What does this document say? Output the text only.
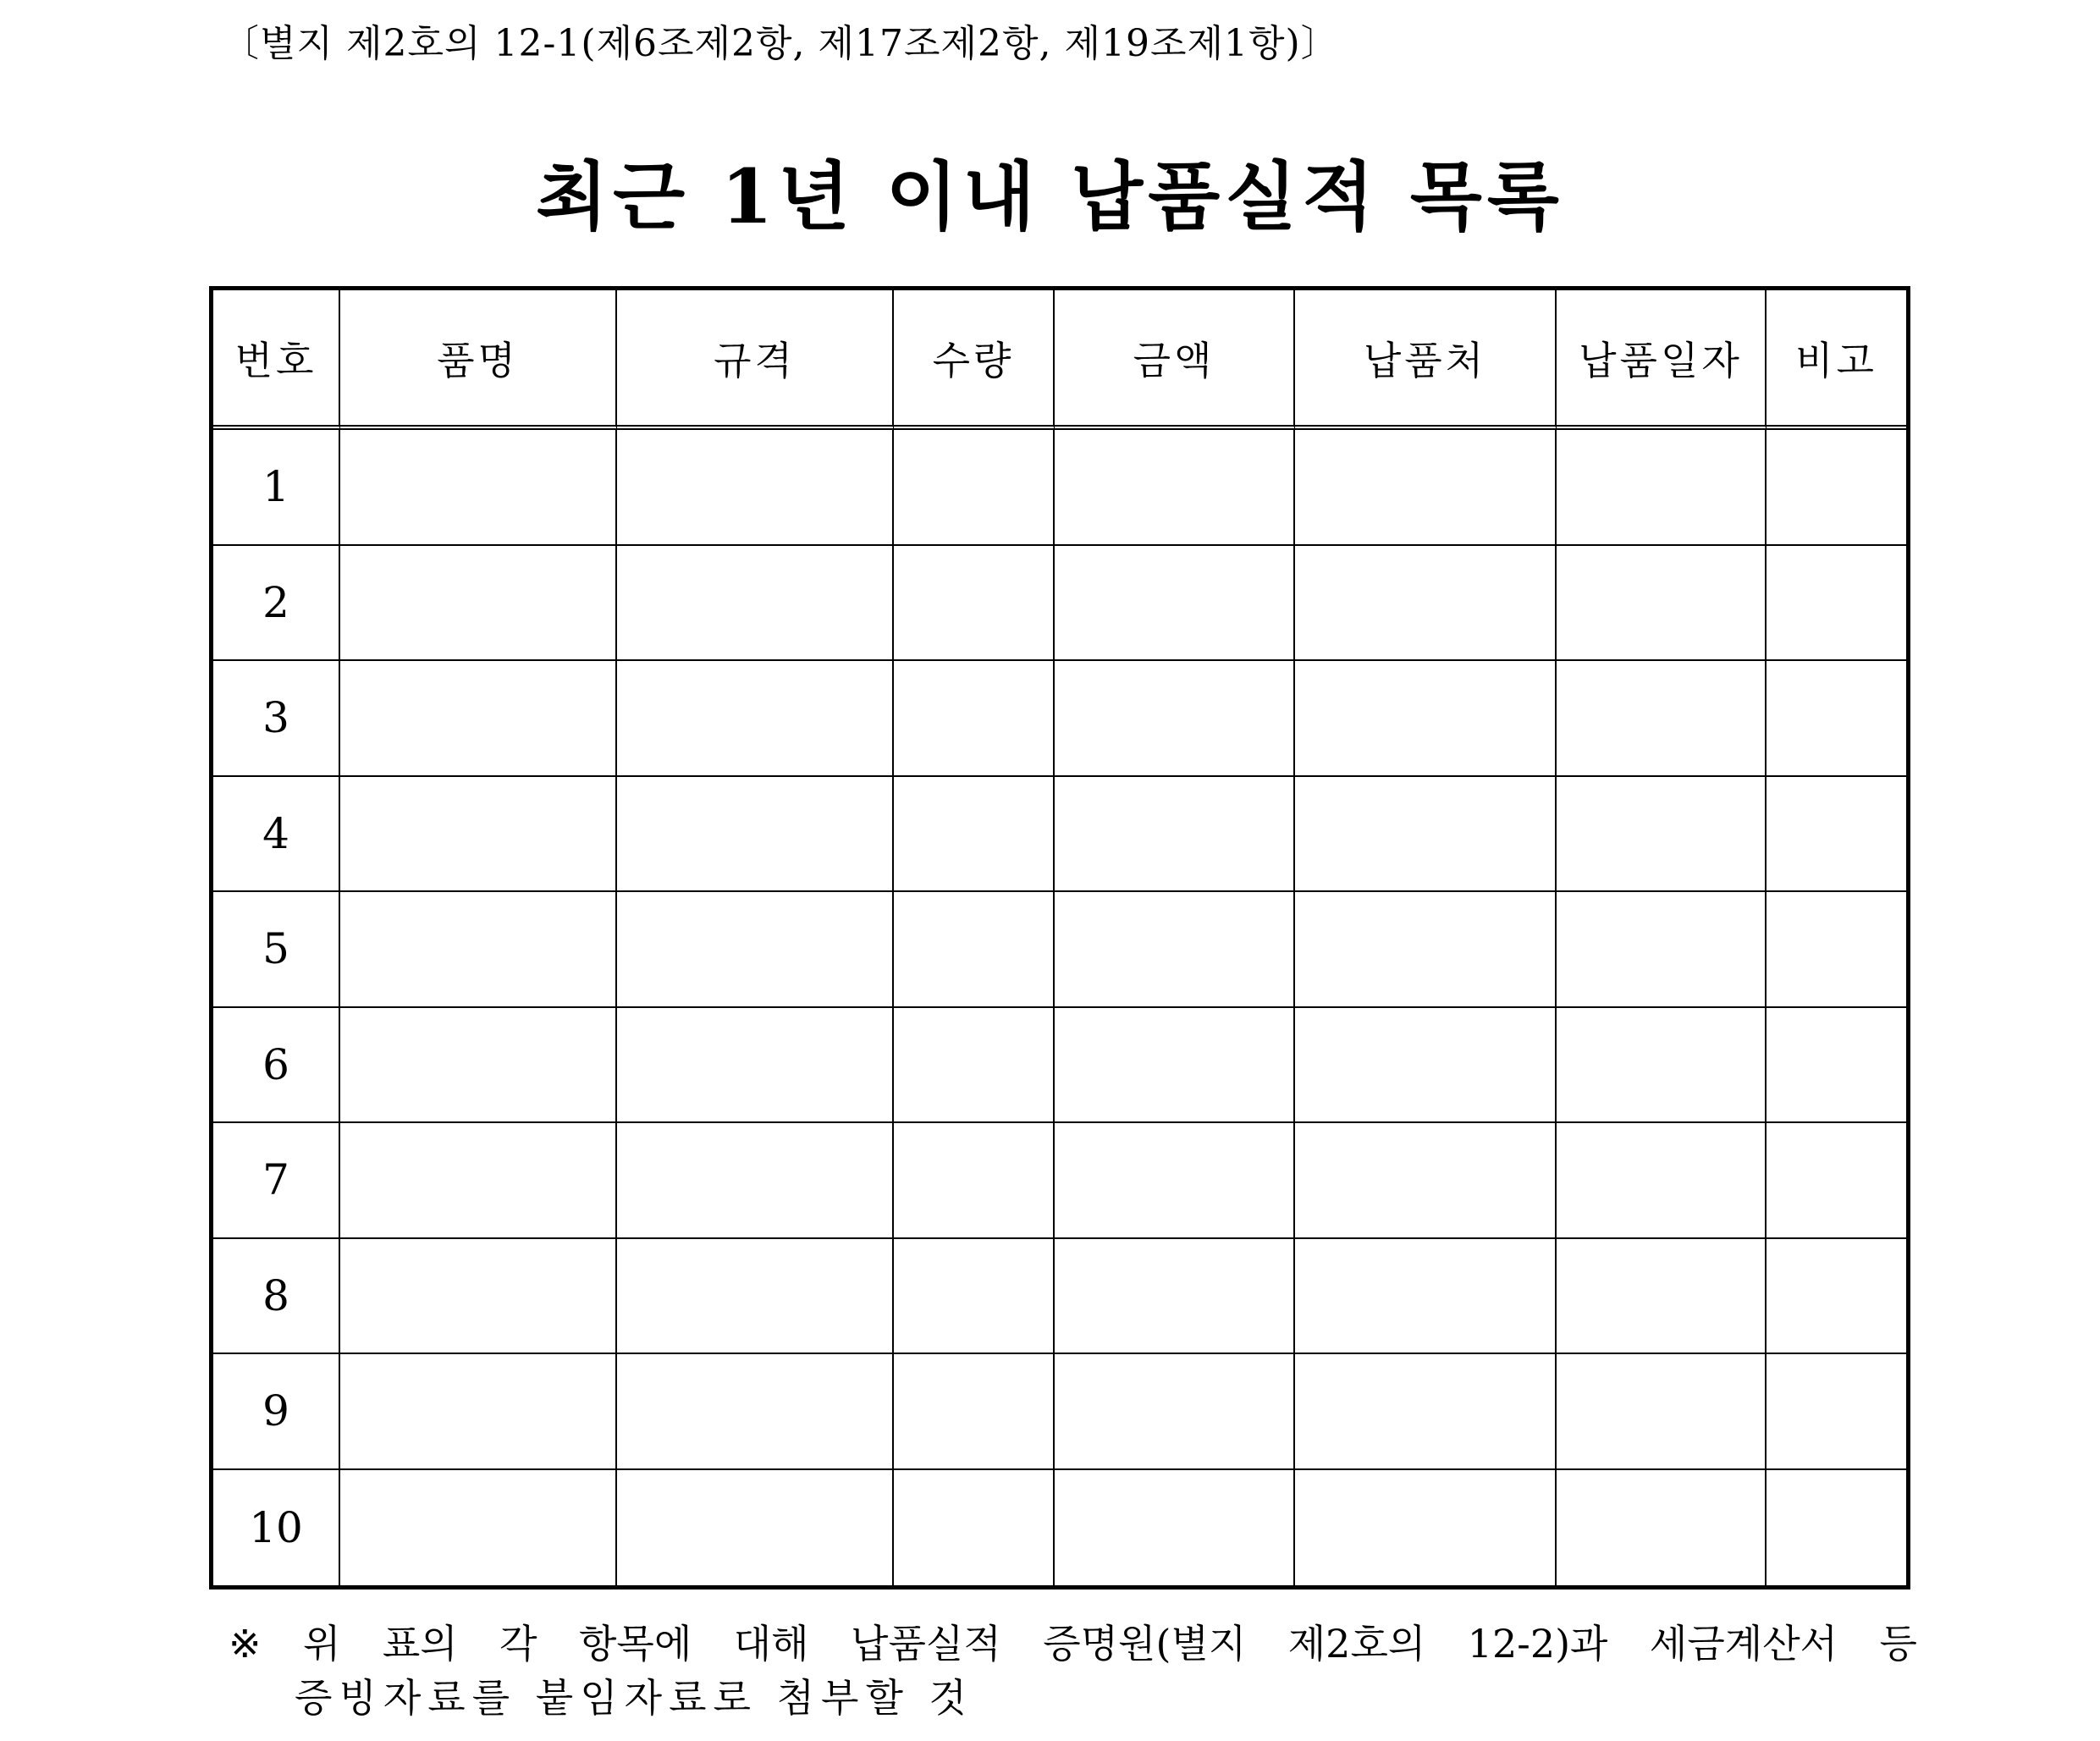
〔별지 제2호의 12-1(제6조제2항, 제17조제2항, 제19조제1항)〕
최근 1년 이내 납품실적 목록
번호	품명	규격	수량	금액	납품처	납품일자	비고
1
2
3
4
5
6
7
8
9
10
※ 위 표의 각 항목에 대해 납품실적 증명원(별지 제2호의 12-2)과 세금계산서 등
증빙자료를 붙임자료로 첨부할 것
